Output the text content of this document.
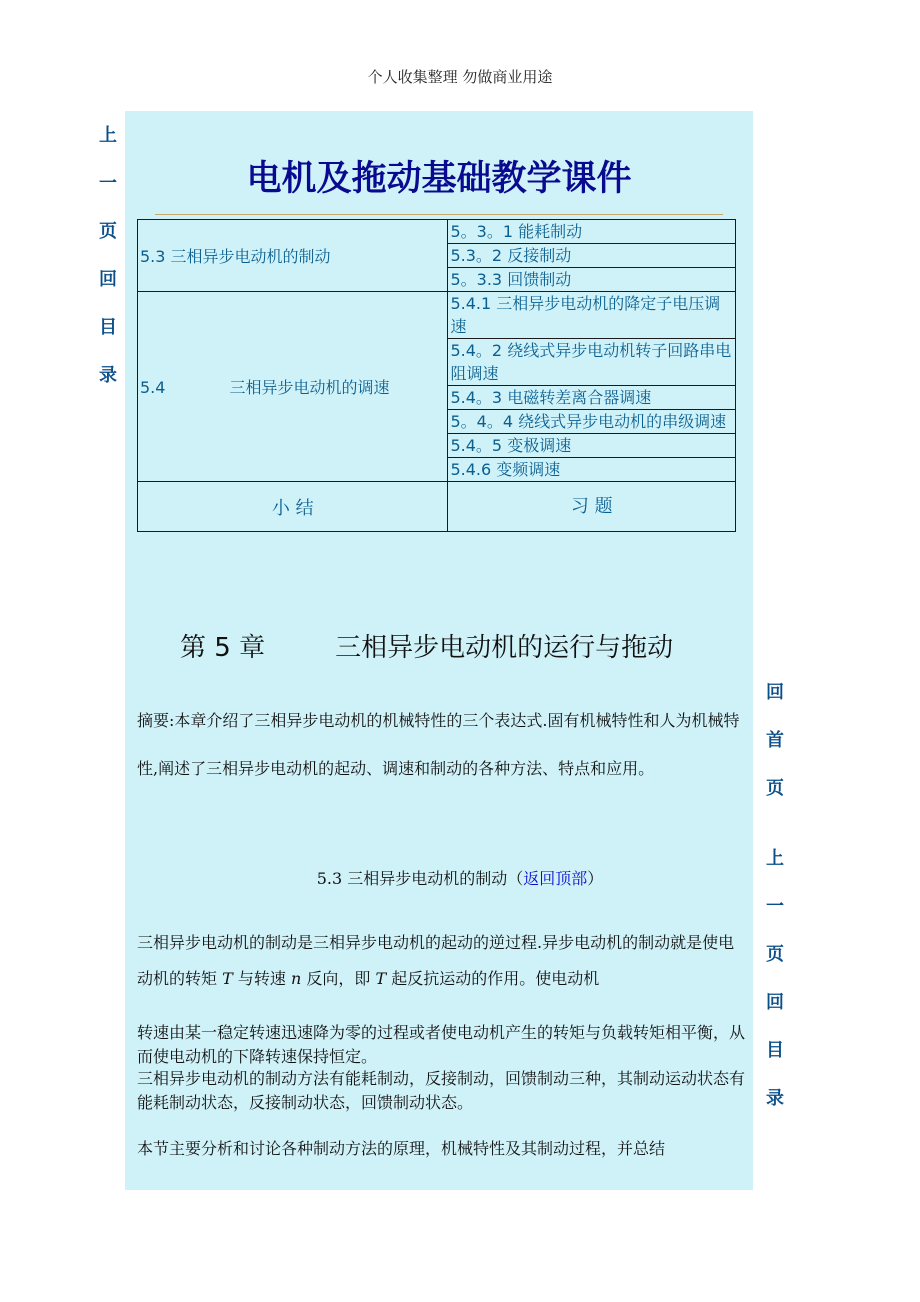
个人收集整理 勿做商业用途
电机及拖动基础教学课件
上
一
页
回
目
录
5.3 三相异步电动机的制动	5。3。1 能耗制动
	5.3。2 反接制动
	5。3.3 回馈制动
5.4 三相异步电动机的调速	5.4.1 三相异步电动机的降定子电压调速
	5.4。2 绕线式异步电动机转子回路串电阻调速
	5.4。3 电磁转差离合器调速
	5。4。4 绕线式异步电动机的串级调速
	5.4。5 变极调速
	5.4.6 变频调速
小 结	习 题
第 5 章	三相异步电动机的运行与拖动
摘要:本章介绍了三相异步电动机的机械特性的三个表达式.固有机械特性和人为机械特性,阐述了三相异步电动机的起动、调速和制动的各种方法、特点和应用。
回
首
页
上
一
页
回
目
录
5.3 三相异步电动机的制动（返回顶部）
三相异步电动机的制动是三相异步电动机的起动的逆过程.异步电动机的制动就是使电动机的转矩 T 与转速 n 反向，即 T 起反抗运动的作用。使电动机
转速由某一稳定转速迅速降为零的过程或者使电动机产生的转矩与负载转矩相平衡，从而使电动机的下降转速保持恒定。
三相异步电动机的制动方法有能耗制动，反接制动，回馈制动三种，其制动运动状态有能耗制动状态，反接制动状态，回馈制动状态。
本节主要分析和讨论各种制动方法的原理，机械特性及其制动过程，并总结
